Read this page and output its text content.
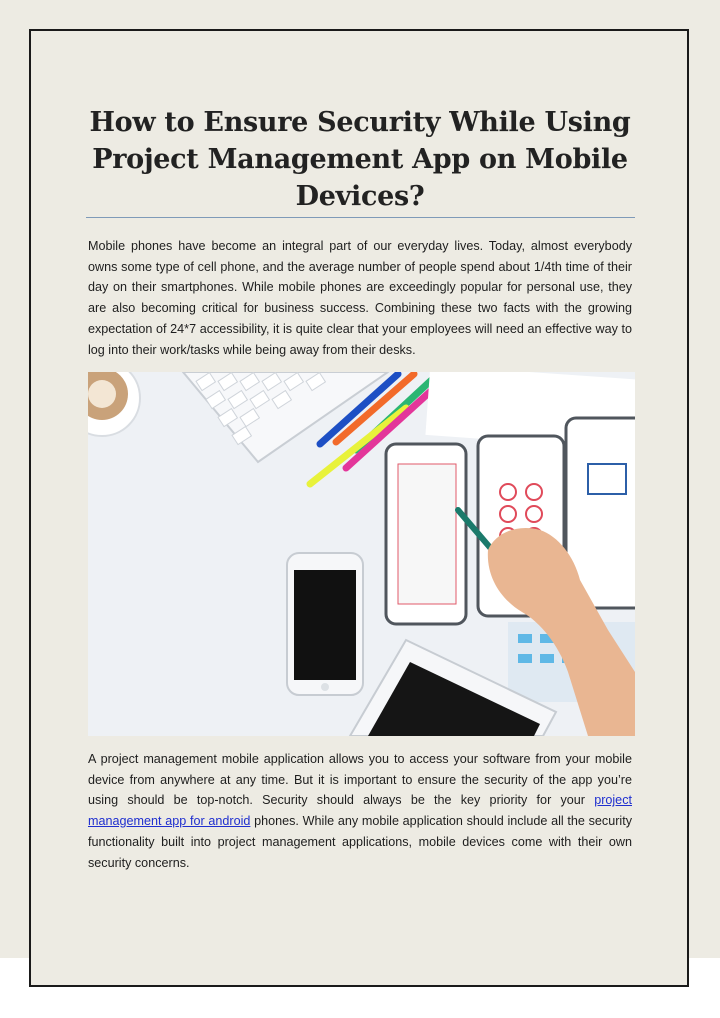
How to Ensure Security While Using Project Management App on Mobile Devices?

Mobile phones have become an integral part of our everyday lives. Today, almost everybody owns some type of cell phone, and the average number of people spend about 1/4th time of their day on their smartphones. While mobile phones are exceedingly popular for personal use, they are also becoming critical for business success. Combining these two facts with the growing expectation of 24*7 accessibility, it is quite clear that your employees will need an effective way to log into their work/tasks while being away from their desks.

A project management mobile application allows you to access your software from your mobile device from anywhere at any time. But it is important to ensure the security of the app you’re using should be top-notch. Security should always be the key priority for your project management app for android phones. While any mobile application should include all the security functionality built into project management applications, mobile devices come with their own security concerns.
